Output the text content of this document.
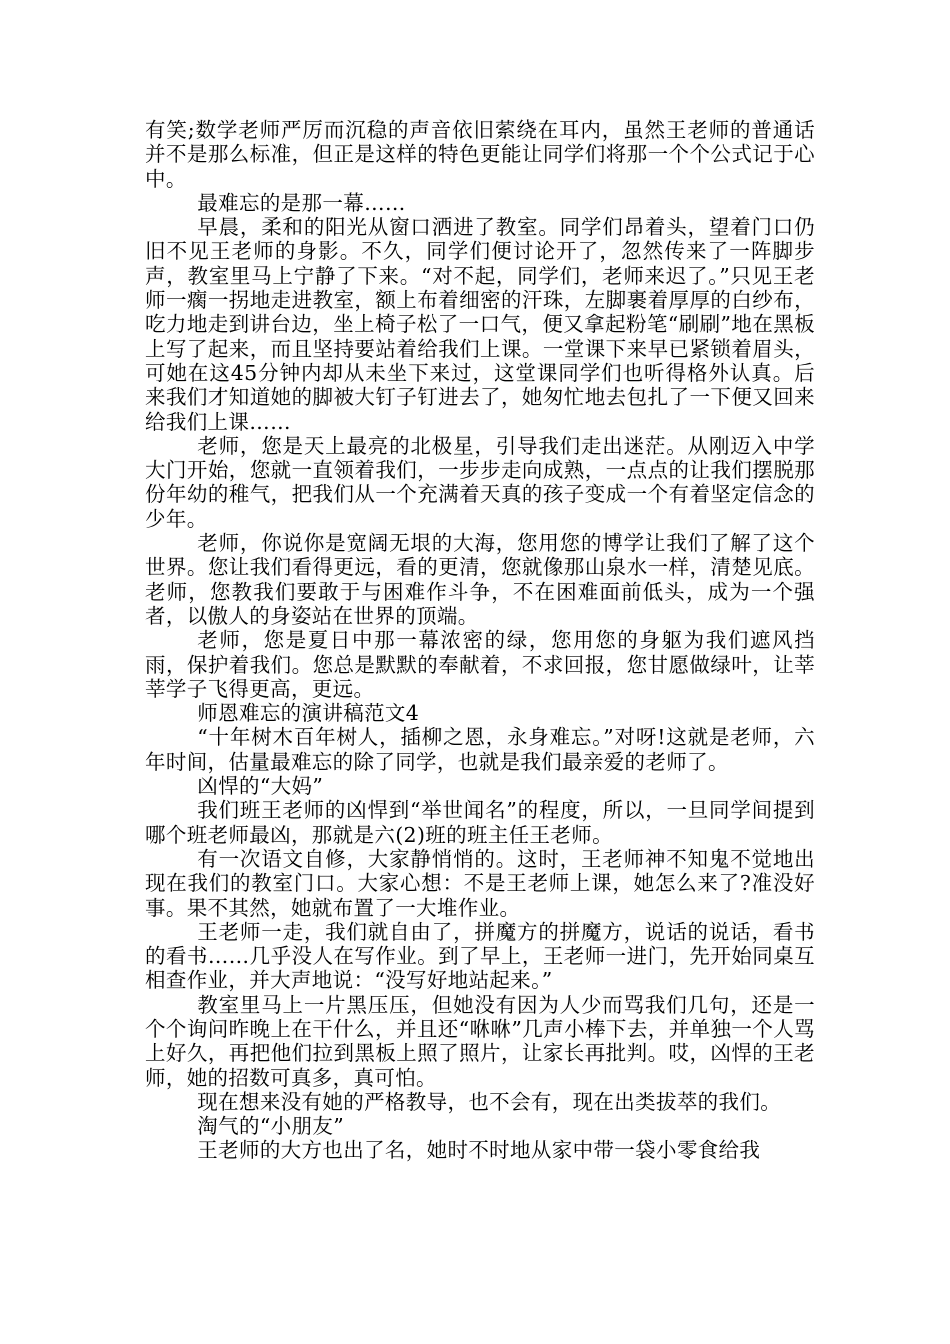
有笑;数学老师严厉而沉稳的声音依旧萦绕在耳内，虽然王老师的普通话并不是那么标准，但正是这样的特色更能让同学们将那一个个公式记于心中。

最难忘的是那一幕……

早晨，柔和的阳光从窗口洒进了教室。同学们昂着头，望着门口仍旧不见王老师的身影。不久，同学们便讨论开了，忽然传来了一阵脚步声，教室里马上宁静了下来。“对不起，同学们，老师来迟了。”只见王老师一瘸一拐地走进教室，额上布着细密的汗珠，左脚裹着厚厚的白纱布，吃力地走到讲台边，坐上椅子松了一口气，便又拿起粉笔“刷刷”地在黑板上写了起来，而且坚持要站着给我们上课。一堂课下来早已紧锁着眉头，可她在这45分钟内却从未坐下来过，这堂课同学们也听得格外认真。后来我们才知道她的脚被大钉子钉进去了，她匆忙地去包扎了一下便又回来给我们上课……

老师，您是天上最亮的北极星，引导我们走出迷茫。从刚迈入中学大门开始，您就一直领着我们，一步步走向成熟，一点点的让我们摆脱那份年幼的稚气，把我们从一个充满着天真的孩子变成一个有着坚定信念的少年。

老师，你说你是宽阔无垠的大海，您用您的博学让我们了解了这个世界。您让我们看得更远，看的更清，您就像那山泉水一样，清楚见底。老师，您教我们要敢于与困难作斗争，不在困难面前低头，成为一个强者，以傲人的身姿站在世界的顶端。

老师，您是夏日中那一幕浓密的绿，您用您的身躯为我们遮风挡雨，保护着我们。您总是默默的奉献着，不求回报，您甘愿做绿叶，让莘莘学子飞得更高，更远。

师恩难忘的演讲稿范文4

“十年树木百年树人，插柳之恩，永身难忘。”对呀!这就是老师，六年时间，估量最难忘的除了同学，也就是我们最亲爱的老师了。

凶悍的“大妈”

我们班王老师的凶悍到“举世闻名”的程度，所以，一旦同学间提到哪个班老师最凶，那就是六(2)班的班主任王老师。

有一次语文自修，大家静悄悄的。这时，王老师神不知鬼不觉地出现在我们的教室门口。大家心想：不是王老师上课，她怎么来了?准没好事。果不其然，她就布置了一大堆作业。

王老师一走，我们就自由了，拼魔方的拼魔方，说话的说话，看书的看书……几乎没人在写作业。到了早上，王老师一进门，先开始同桌互相查作业，并大声地说：“没写好地站起来。”

教室里马上一片黑压压，但她没有因为人少而骂我们几句，还是一个个询问昨晚上在干什么，并且还“咻咻”几声小棒下去，并单独一个人骂上好久，再把他们拉到黑板上照了照片，让家长再批判。哎，凶悍的王老师，她的招数可真多，真可怕。

现在想来没有她的严格教导，也不会有，现在出类拔萃的我们。

淘气的“小朋友”

王老师的大方也出了名，她时不时地从家中带一袋小零食给我
